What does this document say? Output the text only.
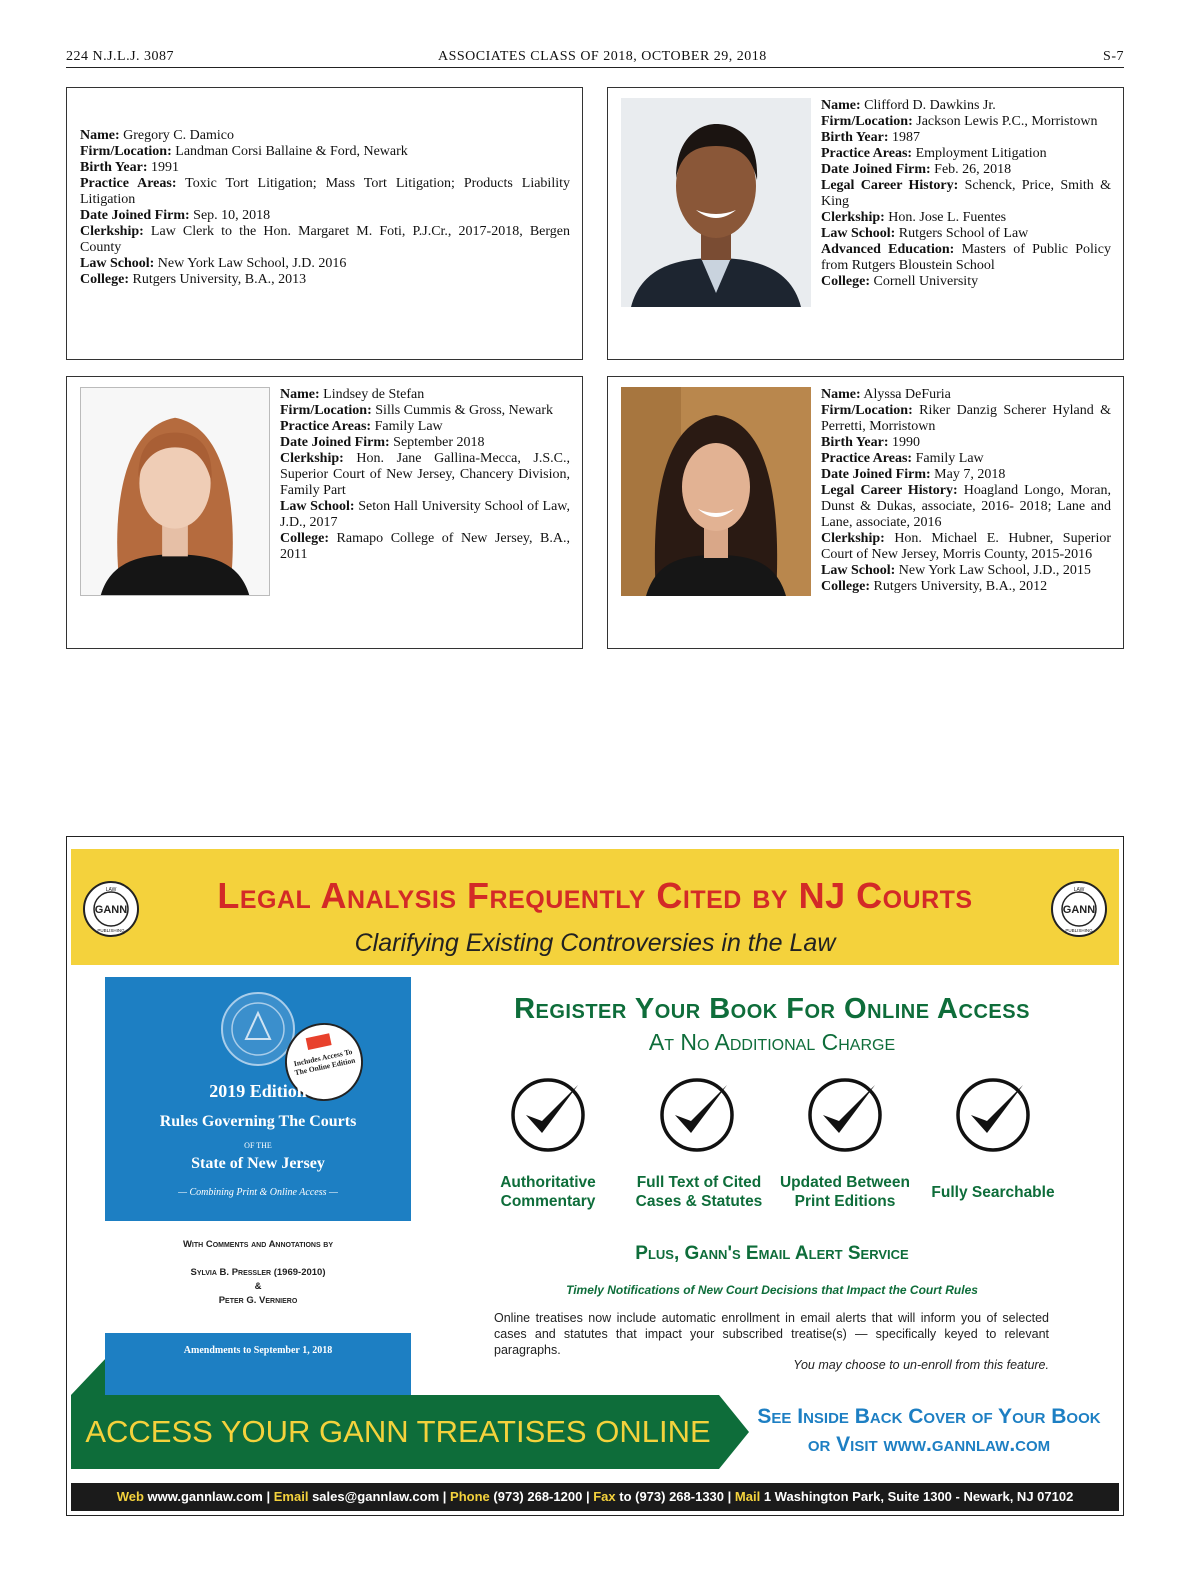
224 N.J.L.J. 3087	ASSOCIATES CLASS OF 2018, OCTOBER 29, 2018	S-7

Name: Gregory C. Damico

Firm/Location: Landman Corsi Ballaine & Ford, Newark

Birth Year: 1991

Practice Areas: Toxic Tort Litigation; Mass Tort Litigation; Products Liability Litigation

Date Joined Firm: Sep. 10, 2018

Clerkship: Law Clerk to the Hon. Margaret M. Foti, P.J.Cr., 2017-2018, Bergen County

Law School: New York Law School, J.D. 2016

College: Rutgers University, B.A., 2013

Name: Clifford D. Dawkins Jr.

Firm/Location: Jackson Lewis P.C., Morristown

Birth Year: 1987

Practice Areas: Employment Litigation

Date Joined Firm: Feb. 26, 2018

Legal Career History: Schenck, Price, Smith & King

Clerkship: Hon. Jose L. Fuentes

Law School: Rutgers School of Law

Advanced Education: Masters of Public Policy from Rutgers Bloustein School

College: Cornell University

Name: Lindsey de Stefan

Firm/Location: Sills Cummis & Gross, Newark

Practice Areas: Family Law

Date Joined Firm: September 2018

Clerkship: Hon. Jane Gallina-Mecca, J.S.C., Superior Court of New Jersey, Chancery Division, Family Part

Law School: Seton Hall University School of Law, J.D., 2017

College: Ramapo College of New Jersey, B.A., 2011

Name: Alyssa DeFuria

Firm/Location: Riker Danzig Scherer Hyland & Perretti, Morristown

Birth Year: 1990

Practice Areas: Family Law

Date Joined Firm: May 7, 2018

Legal Career History: Hoagland Longo, Moran, Dunst & Dukas, associate, 2016- 2018; Lane and Lane, associate, 2016

Clerkship: Hon. Michael E. Hubner, Superior Court of New Jersey, Morris County, 2015-2016

Law School: New York Law School, J.D., 2015

College: Rutgers University, B.A., 2012

GANN
LAW
PUBLISHING
Legal Analysis Frequently Cited by NJ Courts
Clarifying Existing Controversies in the Law
GANN
LAW
PUBLISHING
Includes Access To The Online Edition
2019 Edition
Rules Governing The Courts
OF THE
State of New Jersey
— Combining Print & Online Access —
With Comments and Annotations by
Sylvia B. Pressler (1969-2010)
&
Peter G. Verniero
Amendments to September 1, 2018
Register Your Book For Online Access
At No Additional Charge
Authoritative
Commentary
Full Text of Cited
Cases & Statutes
Updated Between
Print Editions
Fully Searchable
Plus, Gann's Email Alert Service
Timely Notifications of New Court Decisions that Impact the Court Rules
Online treatises now include automatic enrollment in email alerts that will inform you of selected cases and statutes that impact your subscribed treatise(s) — specifically keyed to relevant paragraphs.
You may choose to un-enroll from this feature.
ACCESS YOUR GANN TREATISES ONLINE	See Inside Back Cover of Your Book
or Visit www.gannlaw.com
Web www.gannlaw.com | Email sales@gannlaw.com | Phone (973) 268-1200 | Fax to (973) 268-1330 | Mail 1 Washington Park, Suite 1300 - Newark, NJ 07102
